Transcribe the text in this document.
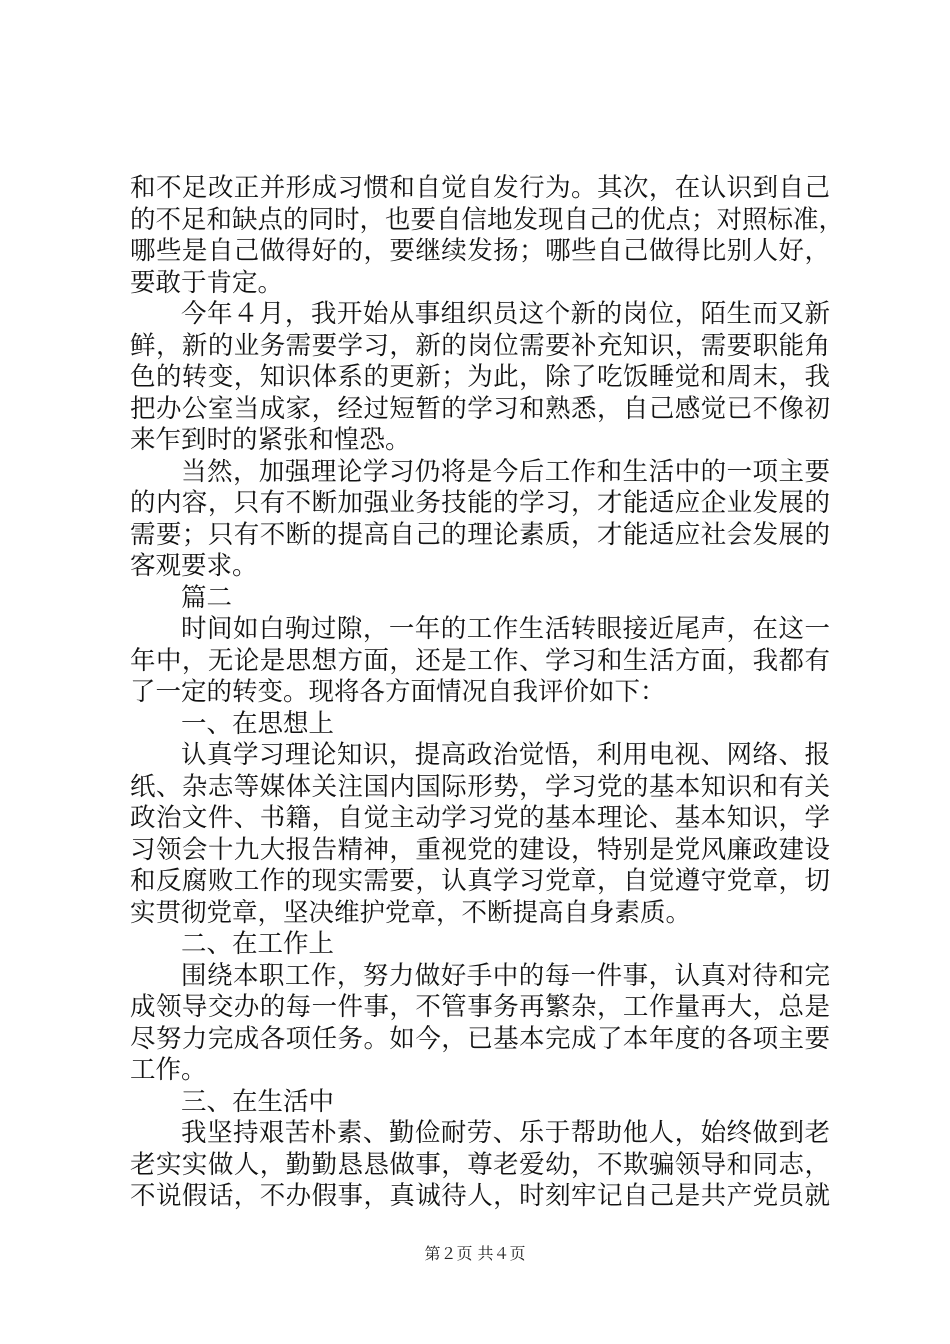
和不足改正并形成习惯和自觉自发行为。其次，在认识到自己
的不足和缺点的同时，也要自信地发现自己的优点；对照标准，
哪些是自己做得好的，要继续发扬；哪些自己做得比别人好，
要敢于肯定。
今年４月，我开始从事组织员这个新的岗位，陌生而又新
鲜，新的业务需要学习，新的岗位需要补充知识，需要职能角
色的转变，知识体系的更新；为此，除了吃饭睡觉和周末，我
把办公室当成家，经过短暂的学习和熟悉，自己感觉已不像初
来乍到时的紧张和惶恐。
当然，加强理论学习仍将是今后工作和生活中的一项主要
的内容，只有不断加强业务技能的学习，才能适应企业发展的
需要；只有不断的提高自己的理论素质，才能适应社会发展的
客观要求。
篇二
时间如白驹过隙，一年的工作生活转眼接近尾声，在这一
年中，无论是思想方面，还是工作、学习和生活方面，我都有
了一定的转变。现将各方面情况自我评价如下：
一、在思想上
认真学习理论知识，提高政治觉悟，利用电视、网络、报
纸、杂志等媒体关注国内国际形势，学习党的基本知识和有关
政治文件、书籍，自觉主动学习党的基本理论、基本知识，学
习领会十九大报告精神，重视党的建设，特别是党风廉政建设
和反腐败工作的现实需要，认真学习党章，自觉遵守党章，切
实贯彻党章，坚决维护党章，不断提高自身素质。
二、在工作上
围绕本职工作，努力做好手中的每一件事，认真对待和完
成领导交办的每一件事，不管事务再繁杂，工作量再大，总是
尽努力完成各项任务。如今，已基本完成了本年度的各项主要
工作。
三、在生活中
我坚持艰苦朴素、勤俭耐劳、乐于帮助他人，始终做到老
老实实做人，勤勤恳恳做事，尊老爱幼，不欺骗领导和同志，
不说假话，不办假事，真诚待人，时刻牢记自己是共产党员就
第２页 共４页
